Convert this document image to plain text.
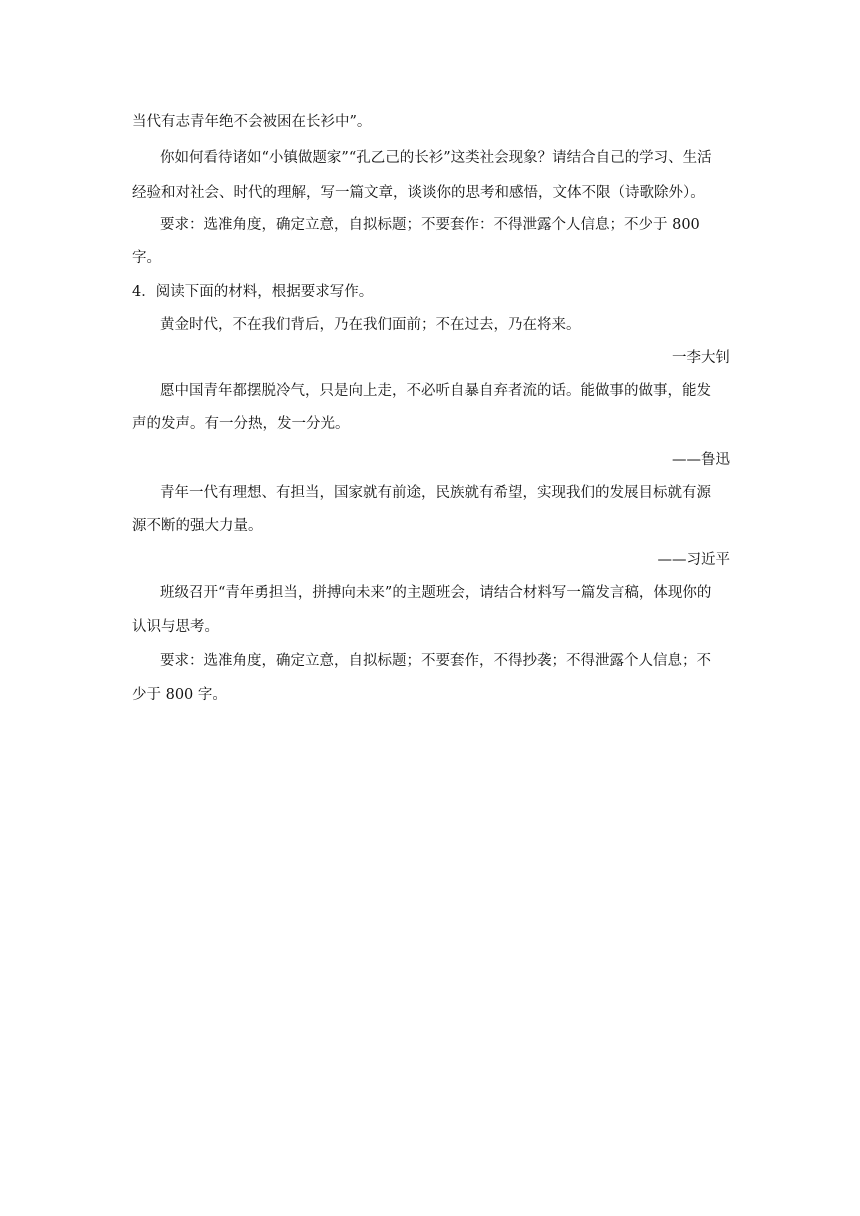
当代有志青年绝不会被困在长衫中”。
你如何看待诸如“小镇做题家”“孔乙己的长衫”这类社会现象？请结合自己的学习、生活
经验和对社会、时代的理解，写一篇文章，谈谈你的思考和感悟，文体不限（诗歌除外）。
要求：选准角度，确定立意，自拟标题；不要套作：不得泄露个人信息；不少于 800
字。
4．阅读下面的材料，根据要求写作。
黄金时代，不在我们背后，乃在我们面前；不在过去，乃在将来。
一李大钊
愿中国青年都摆脱冷气，只是向上走，不必听自暴自弃者流的话。能做事的做事，能发
声的发声。有一分热，发一分光。
——鲁迅
青年一代有理想、有担当，国家就有前途，民族就有希望，实现我们的发展目标就有源
源不断的强大力量。
——习近平
班级召开“青年勇担当，拼搏向未来”的主题班会，请结合材料写一篇发言稿，体现你的
认识与思考。
要求：选准角度，确定立意，自拟标题；不要套作，不得抄袭；不得泄露个人信息；不
少于 800 字。
